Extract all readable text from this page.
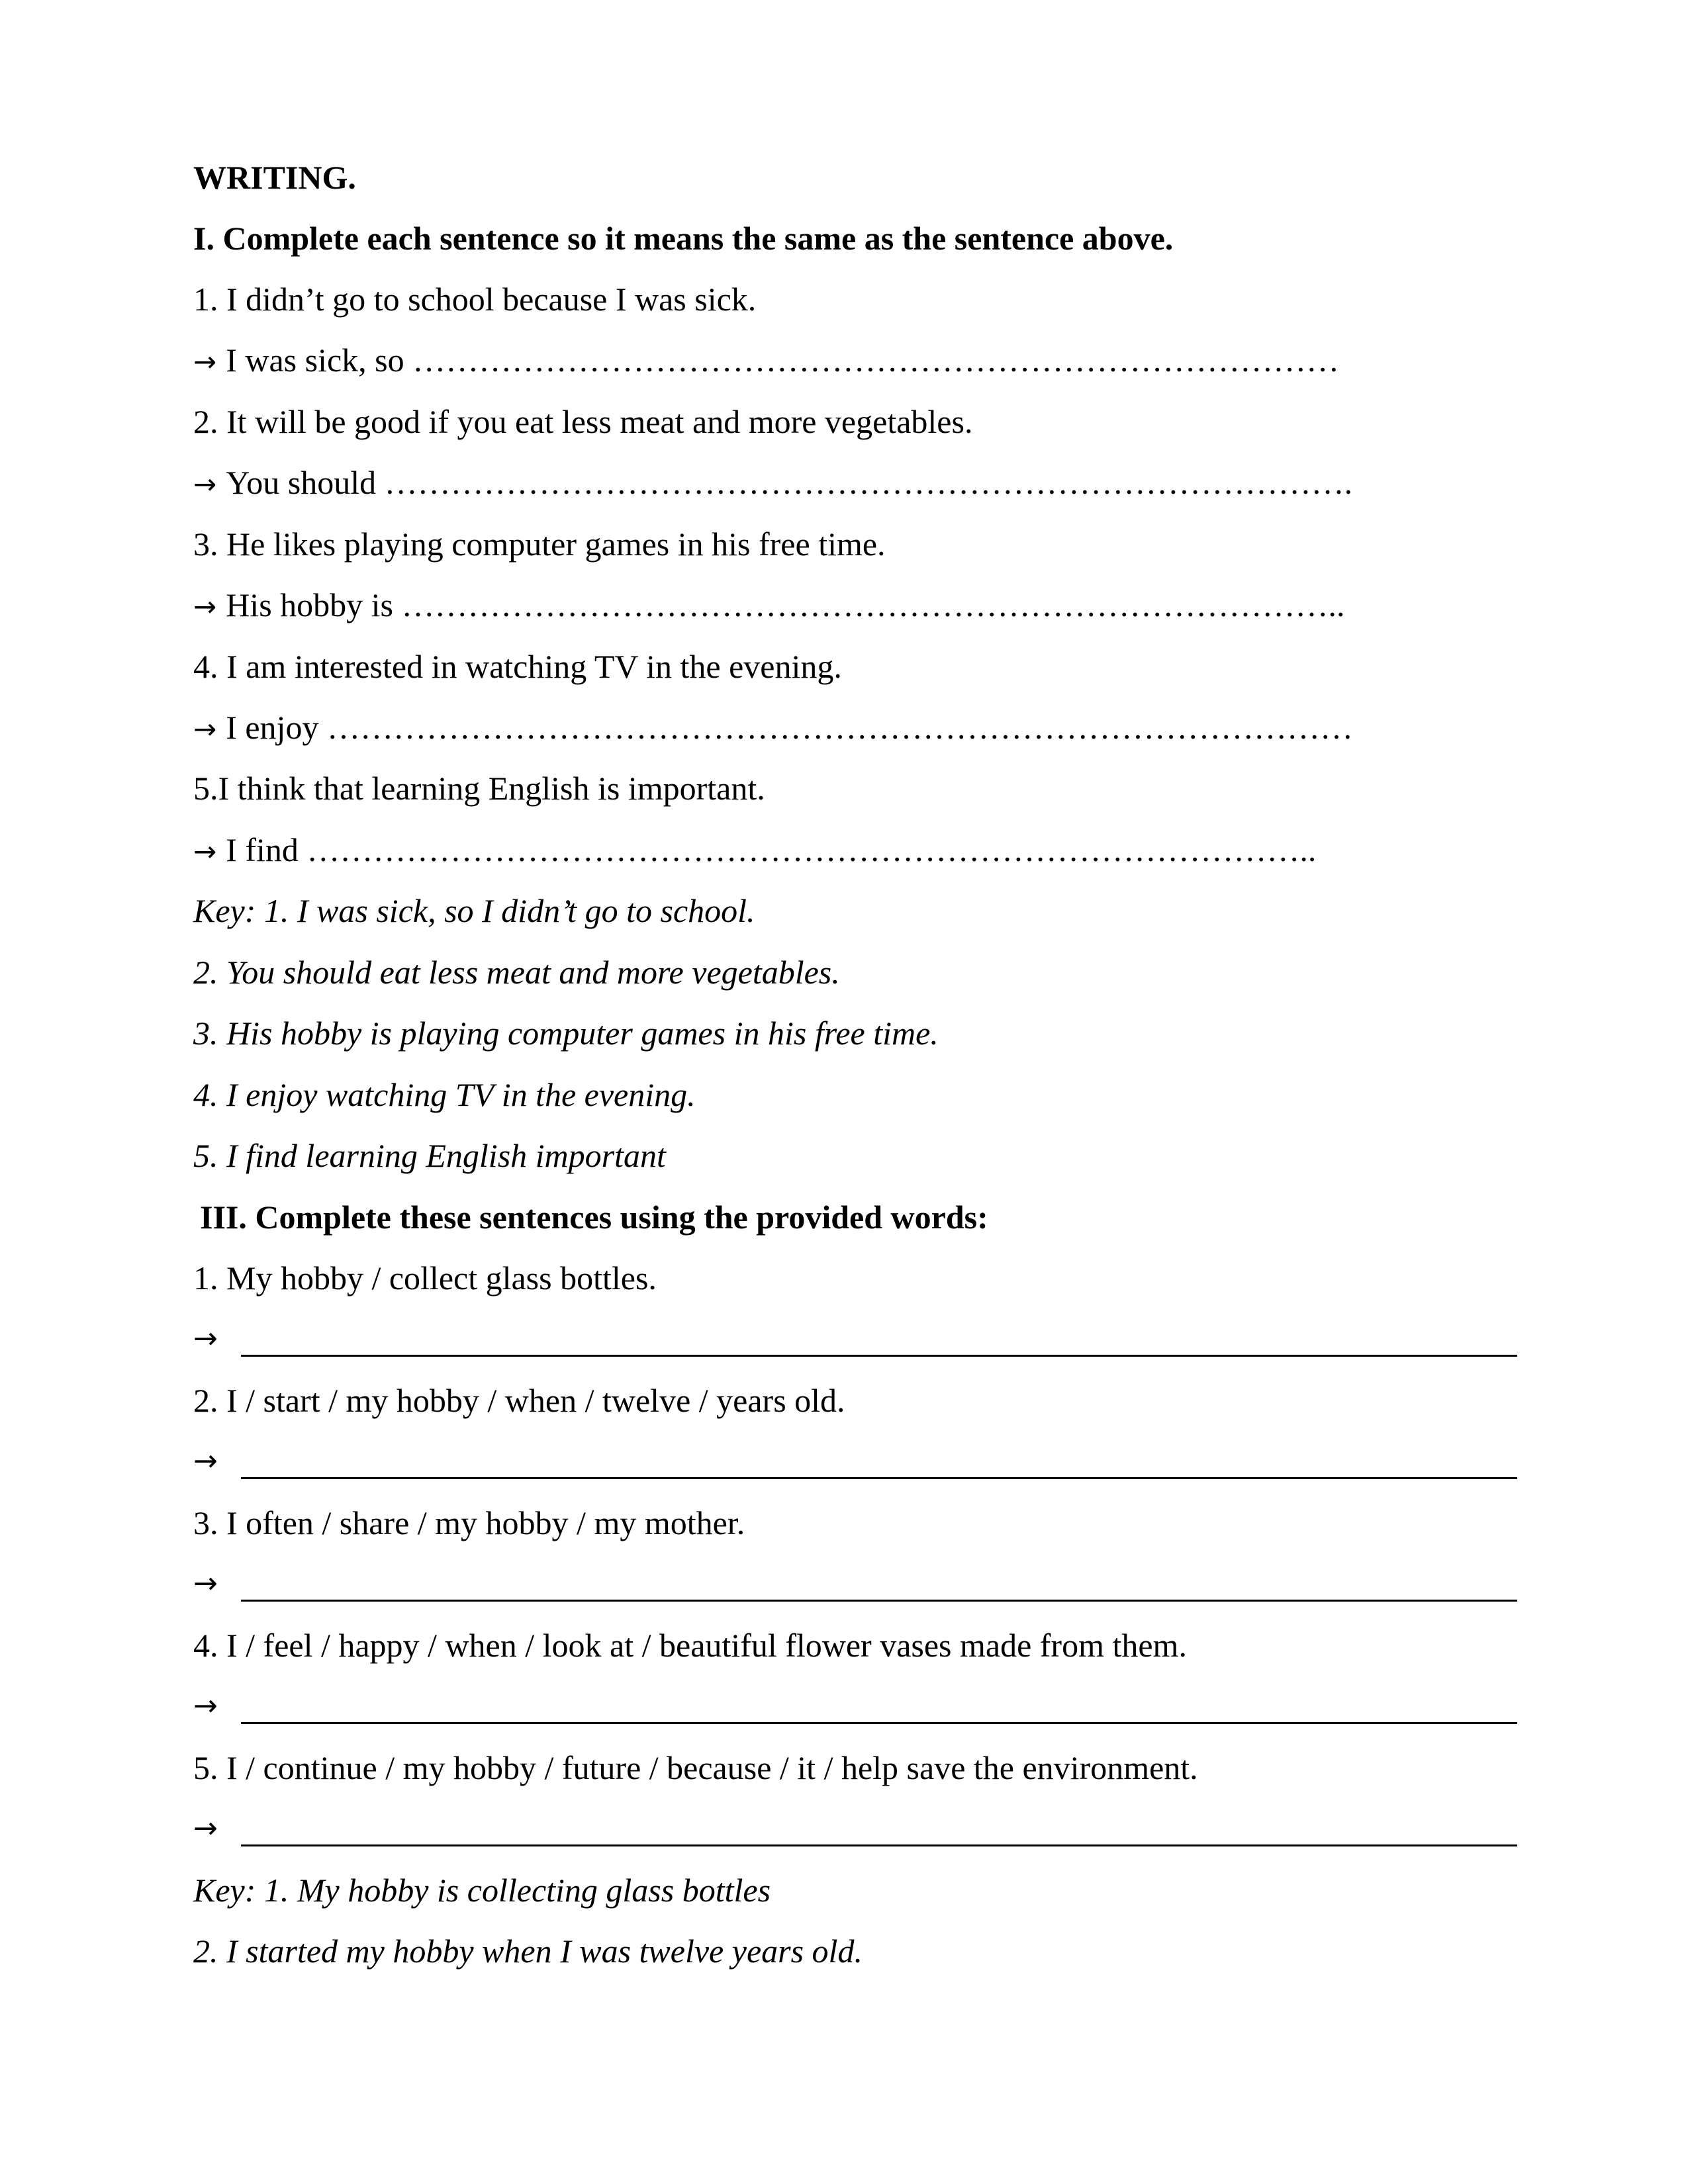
WRITING.
I. Complete each sentence so it means the same as the sentence above.
1. I didn’t go to school because I was sick.
→ I was sick, so …………………………………………………………………………
2. It will be good if you eat less meat and more vegetables.
→ You should …………………………………………………………………………….
3. He likes playing computer games in his free time.
→ His hobby is …………………………………………………………………………..
4. I am interested in watching TV in the evening.
→ I enjoy …………………………………………………………………………………
5.I think that learning English is important.
→ I find ………………………………………………………………………………..
Key: 1. I was sick, so I didn’t go to school.
2. You should eat less meat and more vegetables.
3. His hobby is playing computer games in his free time.
4. I enjoy watching TV in the evening.
5. I find learning English important
III. Complete these sentences using the provided words:
1. My hobby / collect glass bottles.
→
2. I / start / my hobby / when / twelve / years old.
→
3. I often / share / my hobby / my mother.
→
4. I / feel / happy / when / look at / beautiful flower vases made from them.
→
5. I / continue / my hobby / future / because / it / help save the environment.
→
Key: 1. My hobby is collecting glass bottles
2. I started my hobby when I was twelve years old.
